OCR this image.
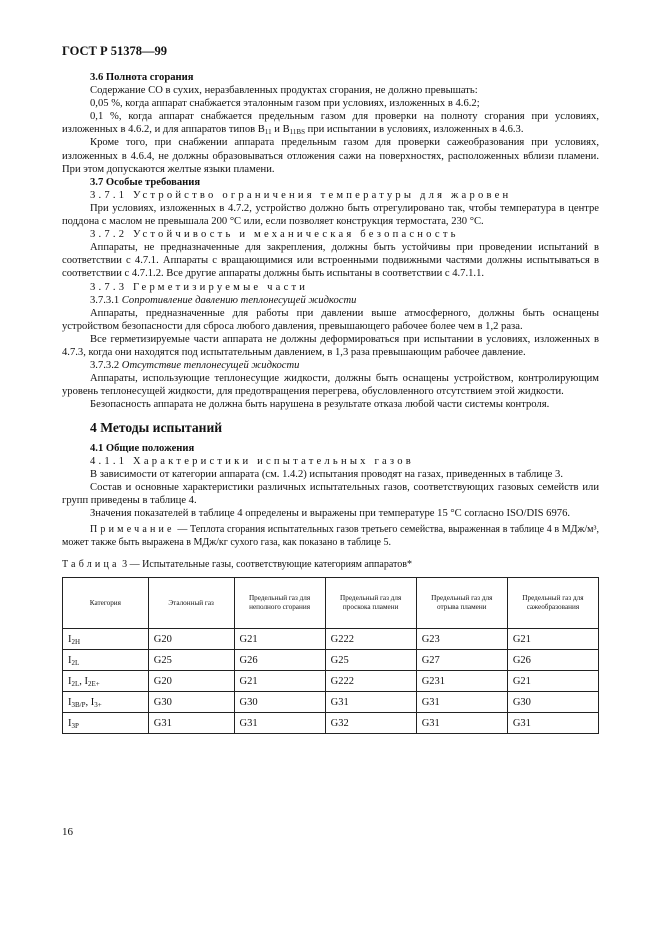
ГОСТ Р 51378—99

3.6 Полнота сгорания

Содержание CO в сухих, неразбавленных продуктах сгорания, не должно превышать:

0,05 %, когда аппарат снабжается эталонным газом при условиях, изложенных в 4.6.2;

0,1 %, когда аппарат снабжается предельным газом для проверки на полноту сгорания при условиях, изложенных в 4.6.2, и для аппаратов типов $B_{11}$ и $B_{11BS}$ при испытании в условиях, изложенных в 4.6.3.

Кроме того, при снабжении аппарата предельным газом для проверки сажеобразования при условиях, изложенных в 4.6.4, не должны образовываться отложения сажи на поверхностях, расположенных вблизи пламени. При этом допускаются желтые языки пламени.

3.7 Особые требования

3.7.1 Устройство ограничения температуры для жаровен

При условиях, изложенных в 4.7.2, устройство должно быть отрегулировано так, чтобы температура в центре поддона с маслом не превышала 200 °С или, если позволяет конструкция термостата, 230 °С.

3.7.2 Устойчивость и механическая безопасность

Аппараты, не предназначенные для закрепления, должны быть устойчивы при проведении испытаний в соответствии с 4.7.1. Аппараты с вращающимися или встроенными подвижными частями должны испытываться в соответствии с 4.7.1.2. Все другие аппараты должны быть испытаны в соответствии с 4.7.1.1.

3.7.3 Герметизируемые части

3.7.3.1 Сопротивление давлению теплонесущей жидкости

Аппараты, предназначенные для работы при давлении выше атмосферного, должны быть оснащены устройством безопасности для сброса любого давления, превышающего рабочее более чем в 1,2 раза.

Все герметизируемые части аппарата не должны деформироваться при испытании в условиях, изложенных в 4.7.3, когда они находятся под испытательным давлением, в 1,3 раза превышающим рабочее давление.

3.7.3.2 Отсутствие теплонесущей жидкости

Аппараты, использующие теплонесущие жидкости, должны быть оснащены устройством, контролирующим уровень теплонесущей жидкости, для предотвращения перегрева, обусловленного отсутствием этой жидкости.

Безопасность аппарата не должна быть нарушена в результате отказа любой части системы контроля.

4 Методы испытаний

4.1 Общие положения

4.1.1 Характеристики испытательных газов

В зависимости от категории аппарата (см. 1.4.2) испытания проводят на газах, приведенных в таблице 3.

Состав и основные характеристики различных испытательных газов, соответствующих газовых семейств или групп приведены в таблице 4.

Значения показателей в таблице 4 определены и выражены при температуре 15 °С согласно ISO/DIS 6976.

Примечание — Теплота сгорания испытательных газов третьего семейства, выраженная в таблице 4 в МДж/м³, может также быть выражена в МДж/кг сухого газа, как показано в таблице 5.

Таблица 3 — Испытательные газы, соответствующие категориям аппаратов*

Категория	Эталонный газ	Предельный газ для неполного сгорания	Предельный газ для проскока пламени	Предельный газ для отрыва пламени	Предельный газ для сажеобразования
$I_{2H}$	G20	G21	G222	G23	G21
$I_{2L}$	G25	G26	G25	G27	G26
$I_{2L}$, $I_{2E+}$	G20	G21	G222	G231	G21
$I_{3B/P}$, $I_{3+}$	G30	G30	G31	G31	G30
$I_{3P}$	G31	G31	G32	G31	G31
16
